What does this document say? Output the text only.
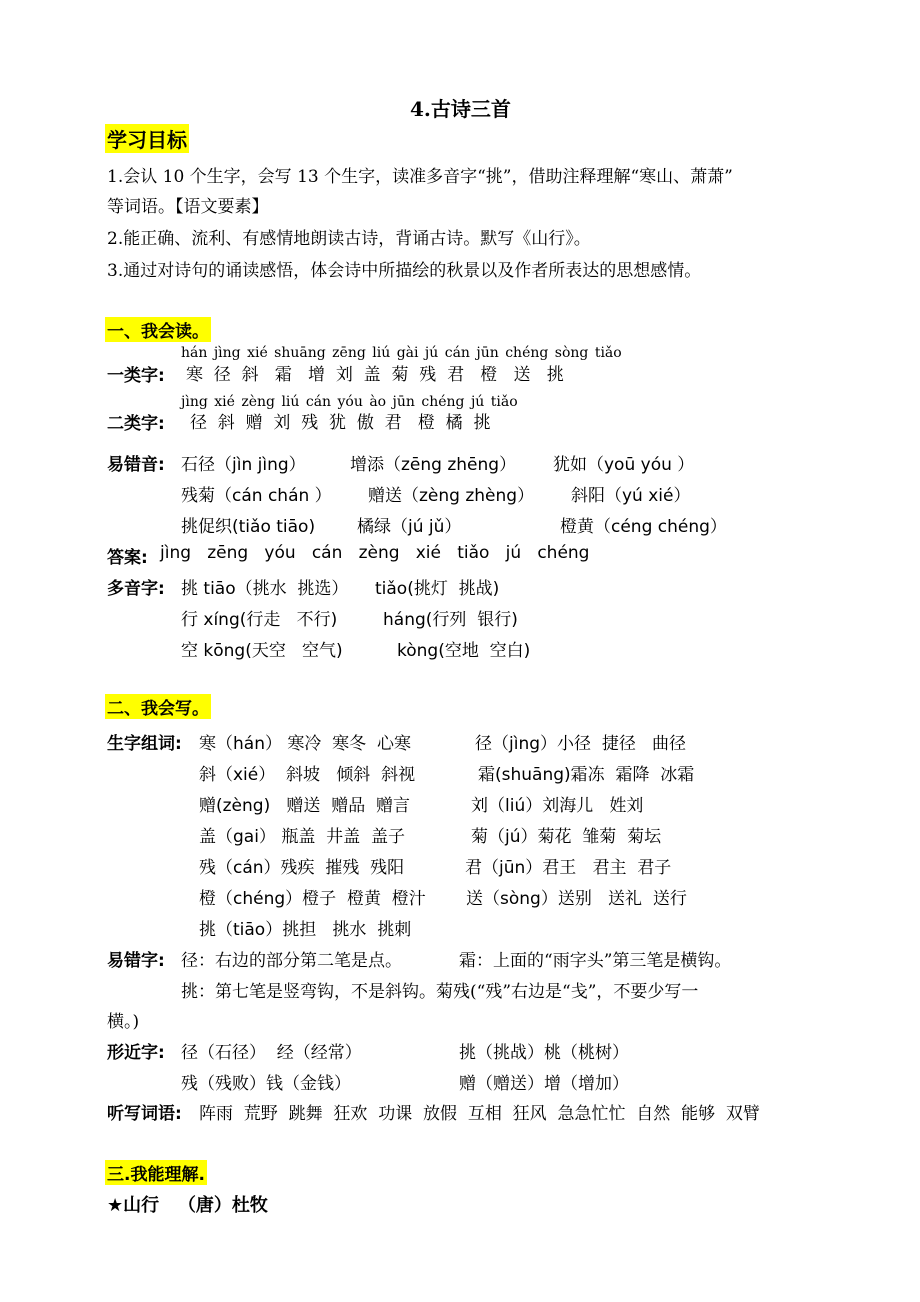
4.古诗三首
学习目标
1.会认 10 个生字，会写 13 个生字，读准多音字“挑”，借助注释理解“寒山、萧萧”
等词语。【语文要素】
2.能正确、流利、有感情地朗读古诗，背诵古诗。默写《山行》。
3.通过对诗句的诵读感悟，体会诗中所描绘的秋景以及作者所表达的思想感情。
一、我会读。
hán jìng xié shuāng zēng liú gài jú cán jūn chéng sòng tiǎo
一类字: 寒  径  斜   霜   增  刘  盖  菊  残  君   橙   送   挑
jìng xié zèng liú cán yóu ào jūn chéng jú tiǎo
二类字: 径  斜  赠  刘  残  犹  傲  君   橙  橘  挑
易错音: 石径（jìn jìng）	增添（zēng zhēng） 犹如（yoū yóu ）
残菊（cán chán ） 赠送（zèng zhèng） 斜阳（yú xié）
挑促织(tiǎo tiāo) 橘绿（jú jǔ）	橙黄（céng chéng）
答案: jìng   zēng   yóu   cán   zèng   xié   tiǎo   jú   chéng
多音字: 挑 tiāo（挑水  挑选） tiǎo(挑灯  挑战)
行 xíng(行走   不行)	háng(行列  银行)
空 kōng(天空   空气)	kòng(空地  空白)
二、我会写。
生字组词: 寒（hán） 寒冷  寒冬  心寒	径（jìng）小径  捷径   曲径
斜（xié）  斜坡   倾斜  斜视	霜(shuāng)霜冻  霜降  冰霜
赠(zèng)   赠送  赠品  赠言	刘（liú）刘海儿   姓刘
盖（gai） 瓶盖  井盖  盖子	菊（jú）菊花  雏菊  菊坛
残（cán）残疾  摧残  残阳	君（jūn）君王   君主  君子
橙（chéng）橙子  橙黄  橙汁 送（sòng）送别   送礼  送行
挑（tiāo）挑担   挑水  挑刺
易错字: 径：右边的部分第二笔是点。	霜：上面的“雨字头”第三笔是横钩。
挑：第七笔是竖弯钩，不是斜钩。菊残(“残”右边是“戋”，不要少写一
横。)
形近字: 径（石径）  经（经常）	挑（挑战）桃（桃树）
残（残败）钱（金钱）	赠（赠送）增（增加）
听写词语: 阵雨  荒野  跳舞  狂欢  功课  放假  互相  狂风  急急忙忙  自然  能够  双臂
三.我能理解.
★山行   （唐）杜牧
